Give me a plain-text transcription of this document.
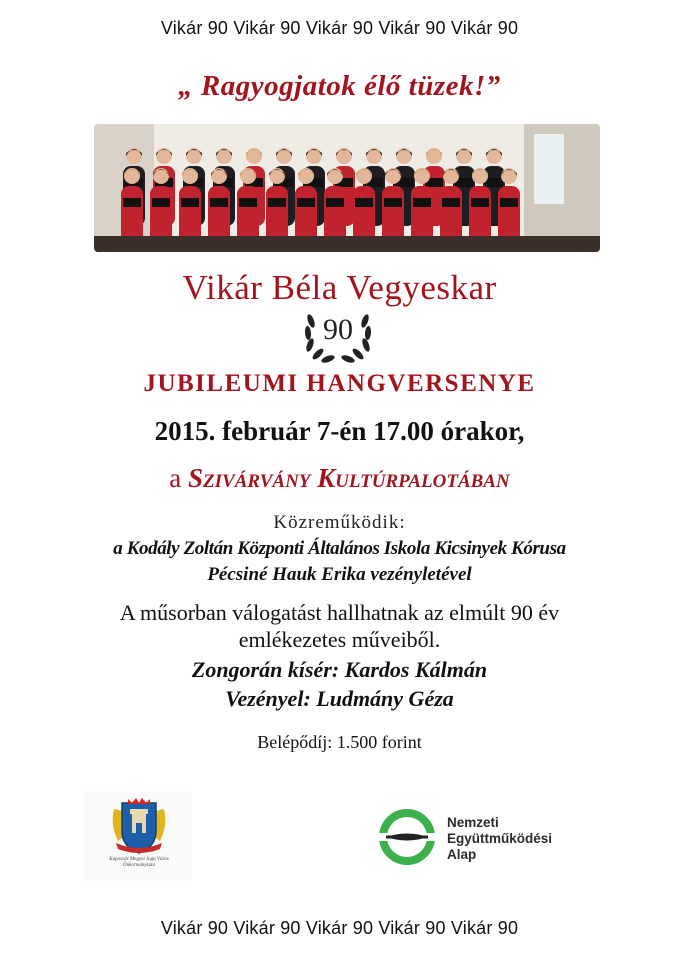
Vikár 90 Vikár 90 Vikár 90 Vikár 90 Vikár 90
„ Ragyogjatok élő tüzek!”
Vikár Béla Vegyeskar
90
JUBILEUMI HANGVERSENYE
2015. február 7-én 17.00 órakor,
a Szivárvány Kultúrpalotában
Közreműködik:
a Kodály Zoltán Központi Általános Iskola Kicsinyek Kórusa
Pécsiné Hauk Erika vezényletével
A műsorban válogatást hallhatnak az elmúlt 90 év
emlékezetes műveiből.
Zongorán kísér: Kardos Kálmán
Vezényel: Ludmány Géza
Belépődíj: 1.500 forint
Kaposvár Megyei Jogú Város Önkormányzata
Nemzeti
Együttműködési
Alap
Vikár 90 Vikár 90 Vikár 90 Vikár 90 Vikár 90
